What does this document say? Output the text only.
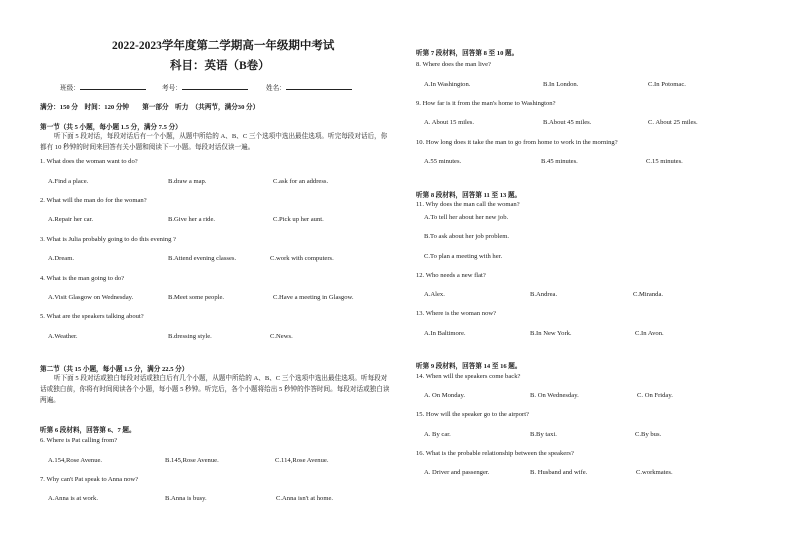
2022-2023学年度第二学期高一年级期中考试
科目：英语（B卷）
班级：	考号：	姓名：
满分：150 分　时间：120 分钟　　第一部分　听力　（共两节，满分30 分）
第一节（共 5 小题，每小题 1.5 分，满分 7.5 分）
听下面 5 段对话，每段对话后有一个小题，从题中所给的 A、B、C 三个选项中选出最佳选项。听完每段对话后，你都有 10 秒钟的时间来回答有关小题和阅读下一小题。每段对话仅读一遍。
1. What does the woman want to do?
A.Find a place.	B.draw a map.	C.ask for an address.
2. What will the man do for the woman?
A.Repair her car.	B.Give her a ride.	C.Pick up her aunt.
3. What is Julia probably going to do this evening ?
A.Dream.	B.Attend evening classes.	C.work with computers.
4. What is the man going to do?
A.Visit Glasgow on Wednesday.	B.Meet some people.	C.Have a meeting in Glasgow.
5. What are the speakers talking about?
A.Weather.	B.dressing style.	C.News.
第二节（共 15 小题，每小题 1.5 分，满分 22.5 分）
听下面 5 段对话或独白每段对话或独白后有几个小题，从题中所给的 A、B、C 三个选项中选出最佳选项。听每段对话或独白前，你将有时间阅读各个小题，每小题 5 秒钟。听完后，各个小题将给出 5 秒钟的作答时间。每段对话或独白读两遍。
听第 6 段材料，回答第 6、7 题。
6. Where is Pat calling from?
A.154,Rose Avenue.	B.145,Rose Avenue.	C.114,Rose Avenue.
7. Why can't Pat speak to Anna now?
A.Anna is at work.	B.Anna is busy.	C.Anna isn't at home.
听第 7 段材料，回答第 8 至 10 题。
8. Where does the man live?
A.In Washington.	B.In London.	C.In Potomac.
9. How far is it from the man's home to Washington?
A. About 15 miles.	B.About 45 miles.	C. About 25 miles.
10. How long does it take the man to go from home to work in the morning?
A.55 minutes.	B.45 minutes.	C.15 minutes.
听第 8 段材料，回答第 11 至 13 题。
11. Why does the man call the woman?
A.To tell her about her new job.
B.To ask about her job problem.
C.To plan a meeting with her.
12. Who needs a new flat?
A.Alex.	B.Andrea.	C.Miranda.
13. Where is the woman now?
A.In Baltimore.	B.In New York.	C.In Avon.
听第 9 段材料，回答第 14 至 16 题。
14. When will the speakers come back?
A. On Monday.	B. On Wednesday.	C. On Friday.
15. How will the speaker go to the airport?
A. By car.	B.By taxi.	C.By bus.
16. What is the probable relationship between the speakers?
A. Driver and passenger.	B. Husband and wife.	C.workmates.
